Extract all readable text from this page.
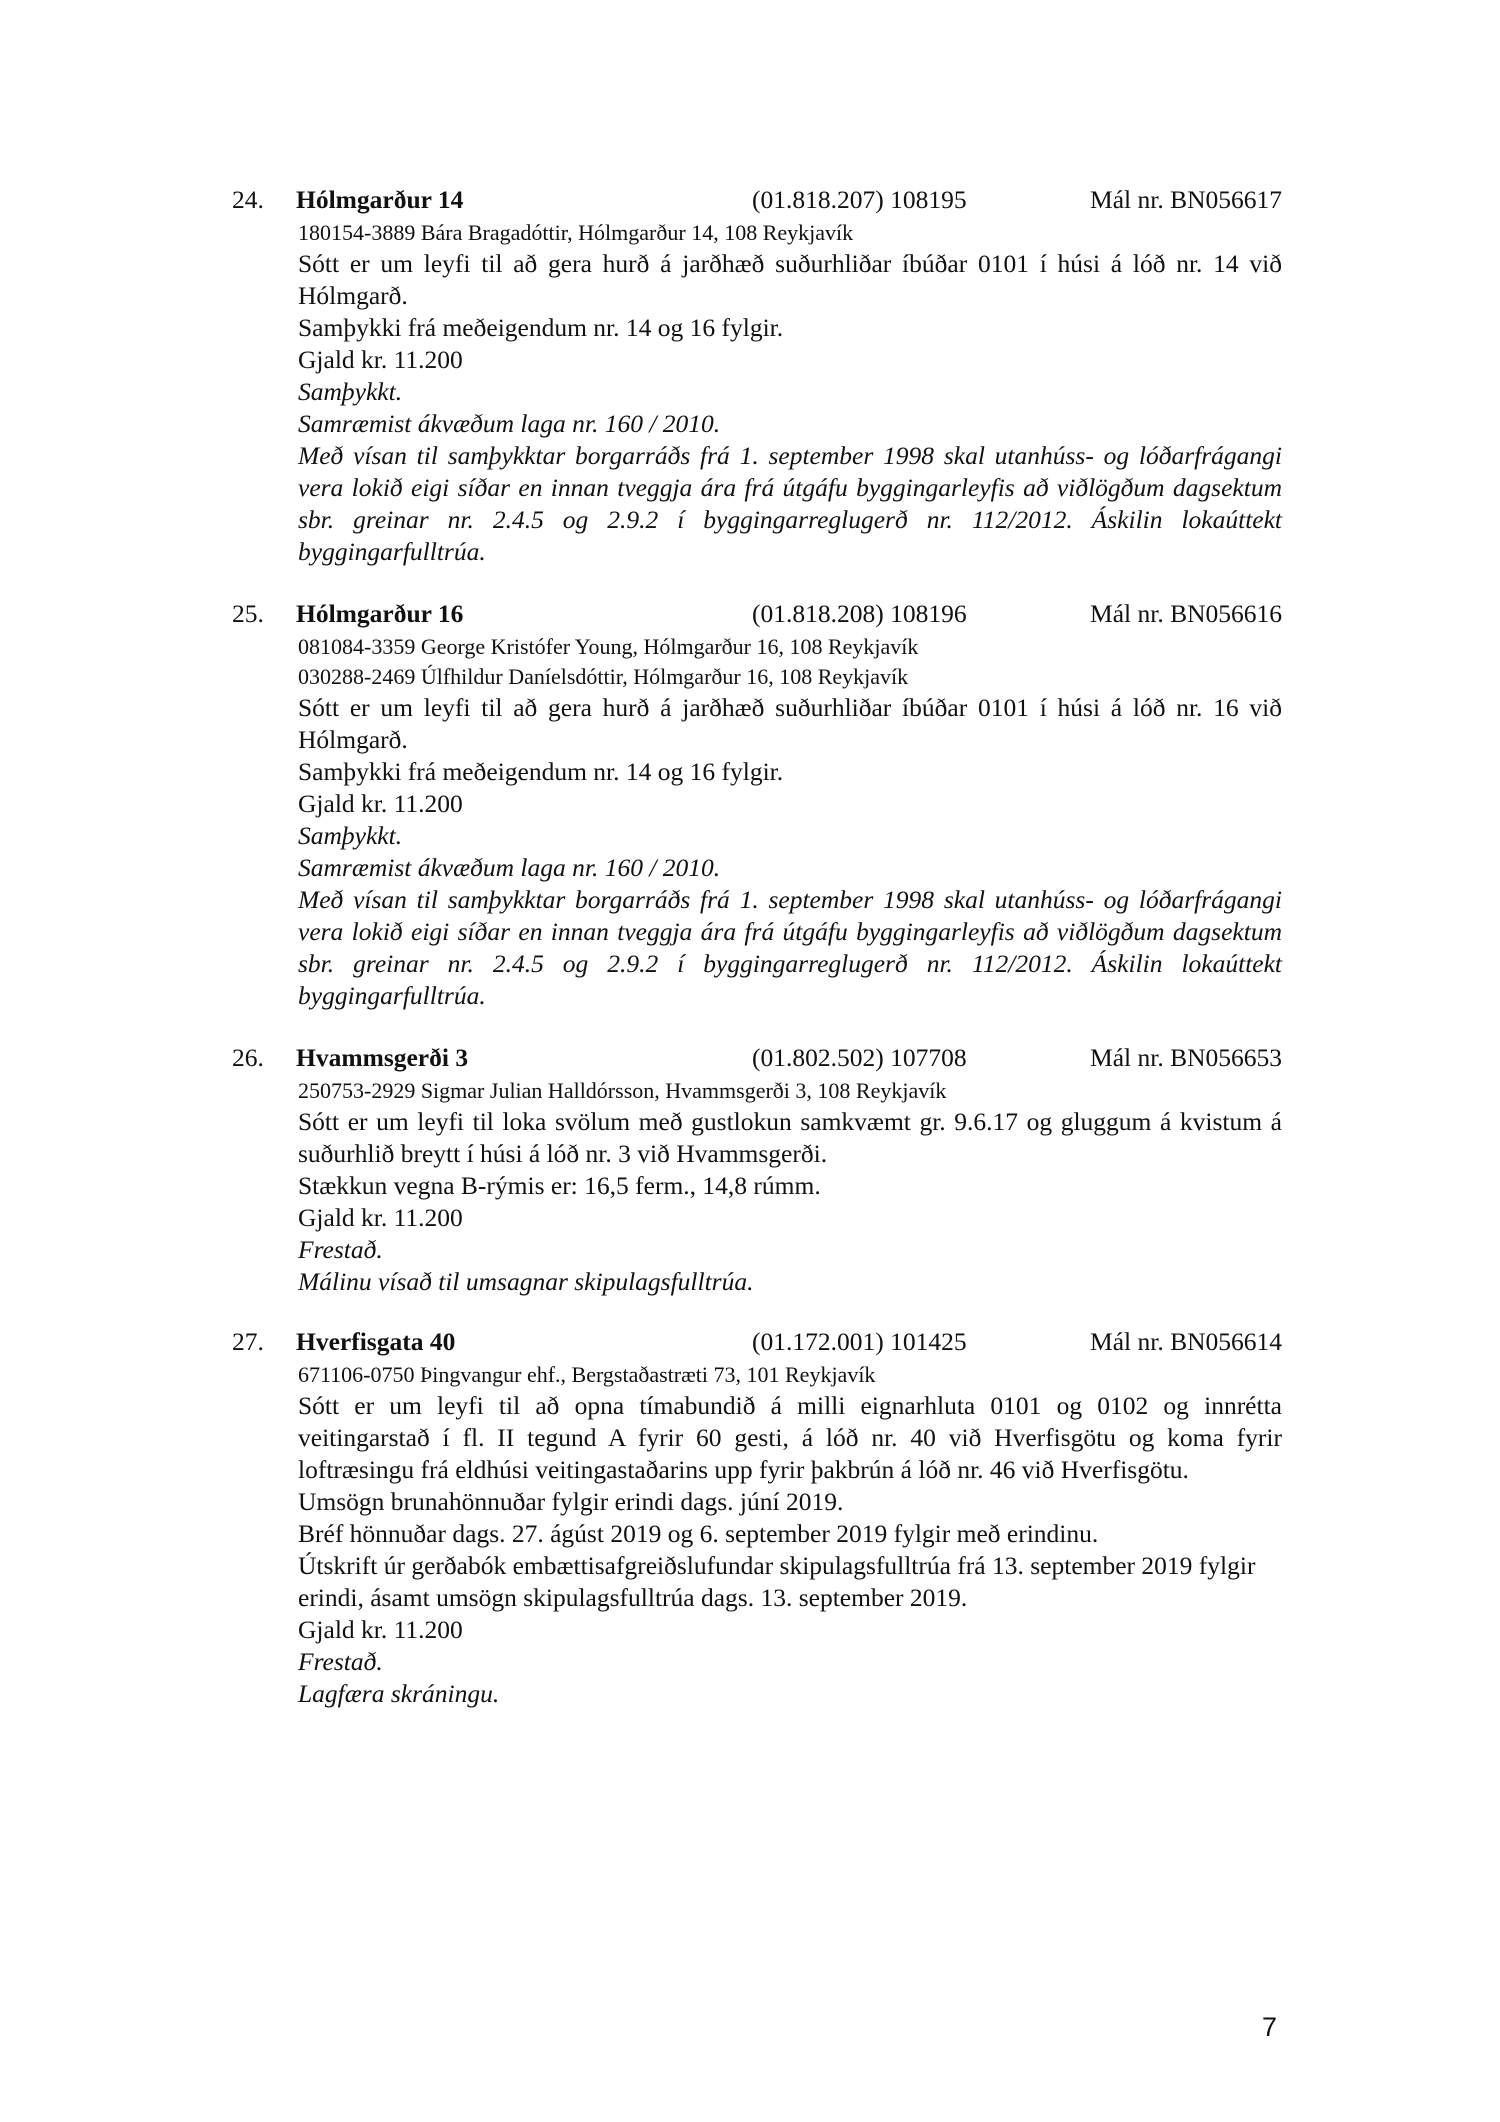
24. Hólmgarður 14	(01.818.207) 108195	Mál nr. BN056617
180154-3889 Bára Bragadóttir, Hólmgarður 14, 108 Reykjavík
Sótt er um leyfi til að gera hurð á jarðhæð suðurhliðar íbúðar 0101 í húsi á lóð nr. 14 við Hólmgarð.
Samþykki frá meðeigendum nr. 14 og 16 fylgir.
Gjald kr. 11.200
Samþykkt.
Samræmist ákvæðum laga nr. 160 / 2010.
Með vísan til samþykktar borgarráðs frá 1. september 1998 skal utanhúss- og lóðarfrágangi vera lokið eigi síðar en innan tveggja ára frá útgáfu byggingarleyfis að viðlögðum dagsektum sbr. greinar nr. 2.4.5 og 2.9.2 í byggingarreglugerð nr. 112/2012. Áskilin lokaúttekt byggingarfulltrúa.
25. Hólmgarður 16	(01.818.208) 108196	Mál nr. BN056616
081084-3359 George Kristófer Young, Hólmgarður 16, 108 Reykjavík
030288-2469 Úlfhildur Daníelsdóttir, Hólmgarður 16, 108 Reykjavík
Sótt er um leyfi til að gera hurð á jarðhæð suðurhliðar íbúðar 0101 í húsi á lóð nr. 16 við Hólmgarð.
Samþykki frá meðeigendum nr. 14 og 16 fylgir.
Gjald kr. 11.200
Samþykkt.
Samræmist ákvæðum laga nr. 160 / 2010.
Með vísan til samþykktar borgarráðs frá 1. september 1998 skal utanhúss- og lóðarfrágangi vera lokið eigi síðar en innan tveggja ára frá útgáfu byggingarleyfis að viðlögðum dagsektum sbr. greinar nr. 2.4.5 og 2.9.2 í byggingarreglugerð nr. 112/2012. Áskilin lokaúttekt byggingarfulltrúa.
26. Hvammsgerði 3	(01.802.502) 107708	Mál nr. BN056653
250753-2929 Sigmar Julian Halldórsson, Hvammsgerði 3, 108 Reykjavík
Sótt er um leyfi til loka svölum með gustlokun samkvæmt gr. 9.6.17 og gluggum á kvistum á suðurhlið breytt í húsi á lóð nr. 3 við Hvammsgerði.
Stækkun vegna B-rýmis er: 16,5 ferm., 14,8 rúmm.
Gjald kr. 11.200
Frestað.
Málinu vísað til umsagnar skipulagsfulltrúa.
27. Hverfisgata 40	(01.172.001) 101425	Mál nr. BN056614
671106-0750 Þingvangur ehf., Bergstaðastræti 73, 101 Reykjavík
Sótt er um leyfi til að opna tímabundið á milli eignarhluta 0101 og 0102 og innrétta veitingarstað í fl. II tegund A fyrir 60 gesti, á lóð nr. 40 við Hverfisgötu og koma fyrir loftræsingu frá eldhúsi veitingastaðarins upp fyrir þakbrún á lóð nr. 46 við Hverfisgötu.
Umsögn brunahönnuðar fylgir erindi dags. júní 2019.
Bréf hönnuðar dags. 27. ágúst 2019 og 6. september 2019 fylgir með erindinu.
Útskrift úr gerðabók embættisafgreiðslufundar skipulagsfulltrúa frá 13. september 2019 fylgir erindi, ásamt umsögn skipulagsfulltrúa dags. 13. september 2019.
Gjald kr. 11.200
Frestað.
Lagfæra skráningu.
7
